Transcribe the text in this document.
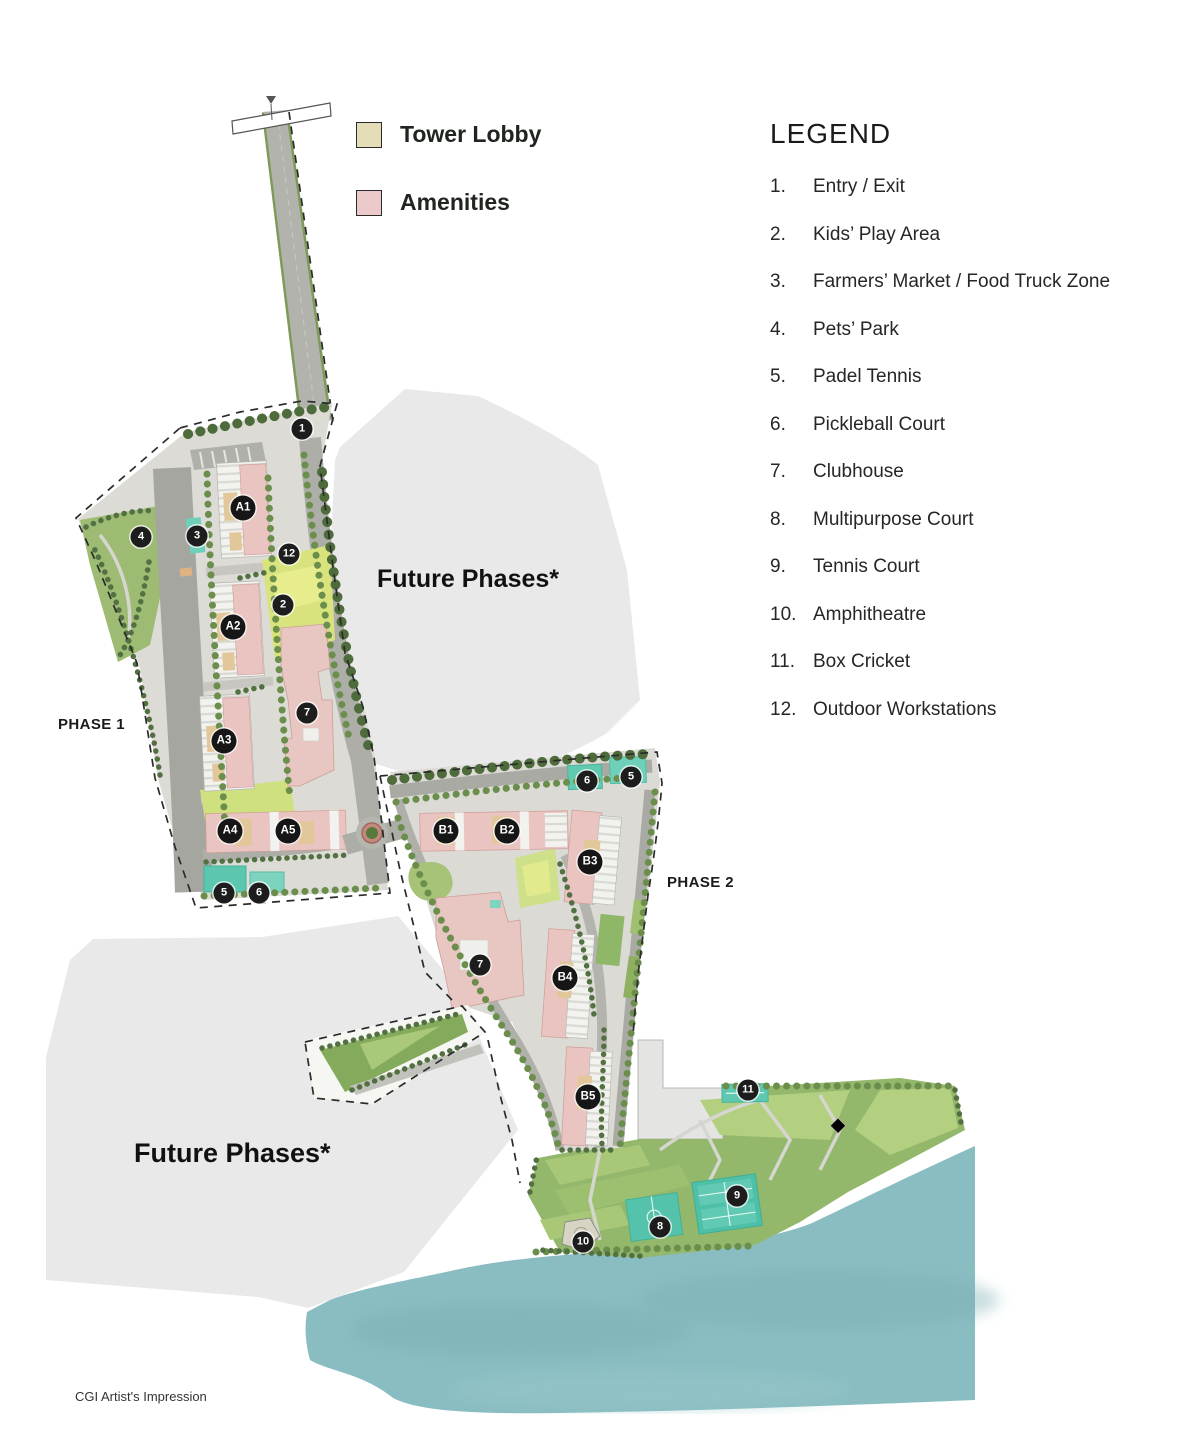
Tower Lobby
Amenities
LEGEND
1.	Entry / Exit
2.	Kids’ Play Area
3.	Farmers’ Market / Food Truck Zone
4.	Pets’ Park
5.	Padel Tennis
6.	Pickleball Court
7.	Clubhouse
8.	Multipurpose Court
9.	Tennis Court
10. Amphitheatre
11. Box Cricket
12. Outdoor Workstations
PHASE 1
PHASE 2
Future Phases*
Future Phases*
CGI Artist's Impression
1
2
3
4
12
7
5	6
6	5
7
11
9
8
10
A1
A2
A3
A4	A5	B1	B2
B3
B4
B5
